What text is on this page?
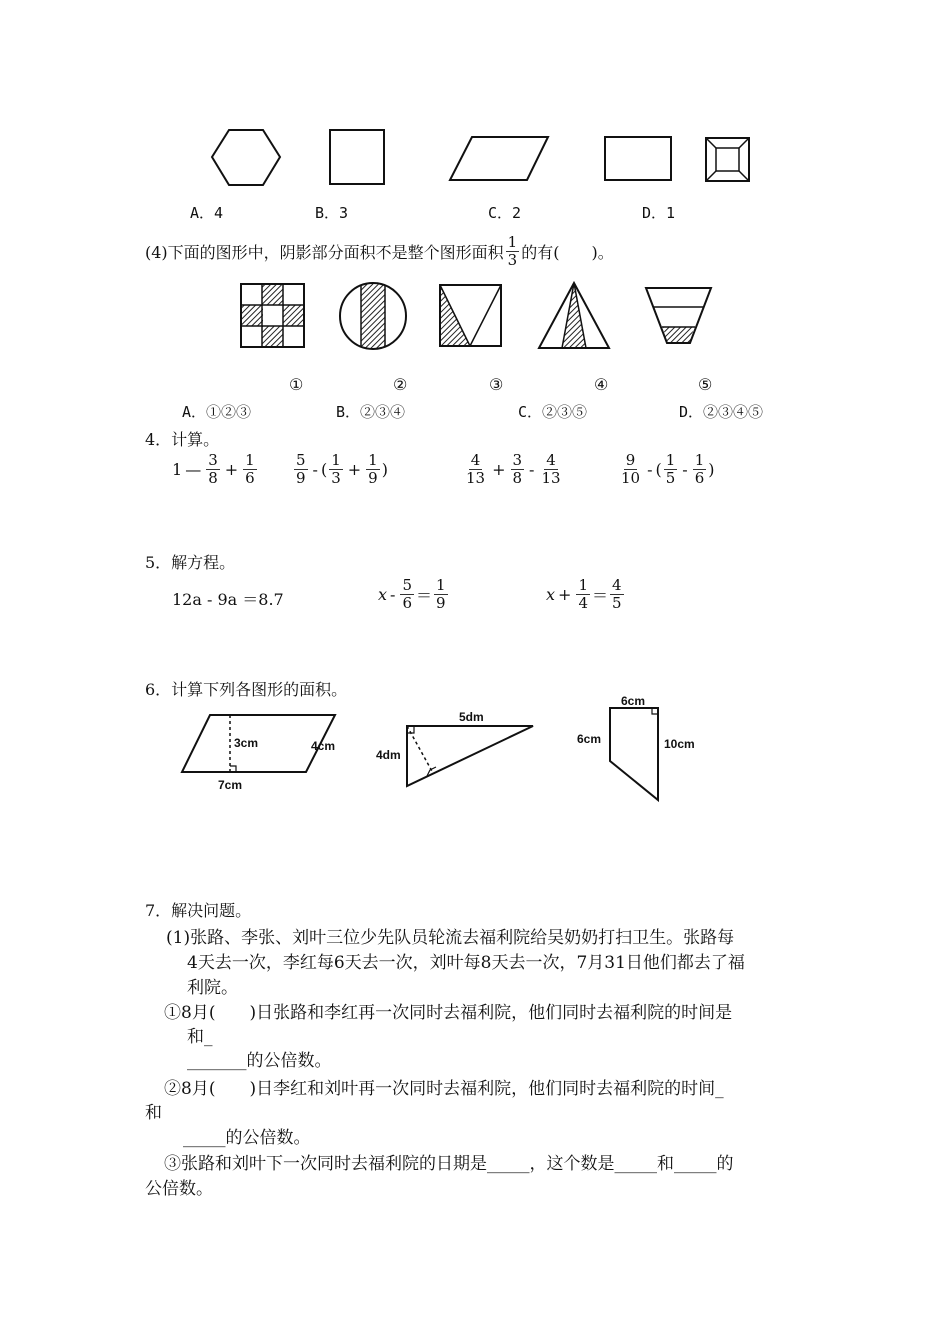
A．4	B．3	C．2	D．1
(4)下面的图形中，阴影部分面积不是整个图形面积 $\frac{1}{3}$ 的有(　　)。
①	②	③	④	⑤
A．①②③	B．②③④	C．②③⑤	D．②③④⑤
4．计算。
1 — $\frac{3}{8} + \frac{1}{6} \frac{5}{9}$ - ( $\frac{1}{3} + \frac{1}{9}$ )	$\frac{4}{13} + \frac{3}{8} - \frac{4}{13}$	$\frac{9}{10}$ - ( $\frac{1}{5} - \frac{1}{6}$ )
5．解方程。
12a - 9a ＝8.7	$x - \frac{5}{6} = \frac{1}{9}$	$x + \frac{1}{4} = \frac{4}{5}$
6．计算下列各图形的面积。
3cm	4cm
7cm
5dm
4dm
6cm
6cm	10cm
7．解决问题。
(1)张路、李张、刘叶三位少先队员轮流去福利院给吴奶奶打扫卫生。张路每
4天去一次，李红每6天去一次，刘叶每8天去一次，7月31日他们都去了福
利院。
①8月(　　)日张路和李红再一次同时去福利院，他们同时去福利院的时间是
和_
_______的公倍数。
②8月(　　)日李红和刘叶再一次同时去福利院，他们同时去福利院的时间_
和
_____的公倍数。
③张路和刘叶下一次同时去福利院的日期是_____，这个数是_____和_____的
公倍数。
